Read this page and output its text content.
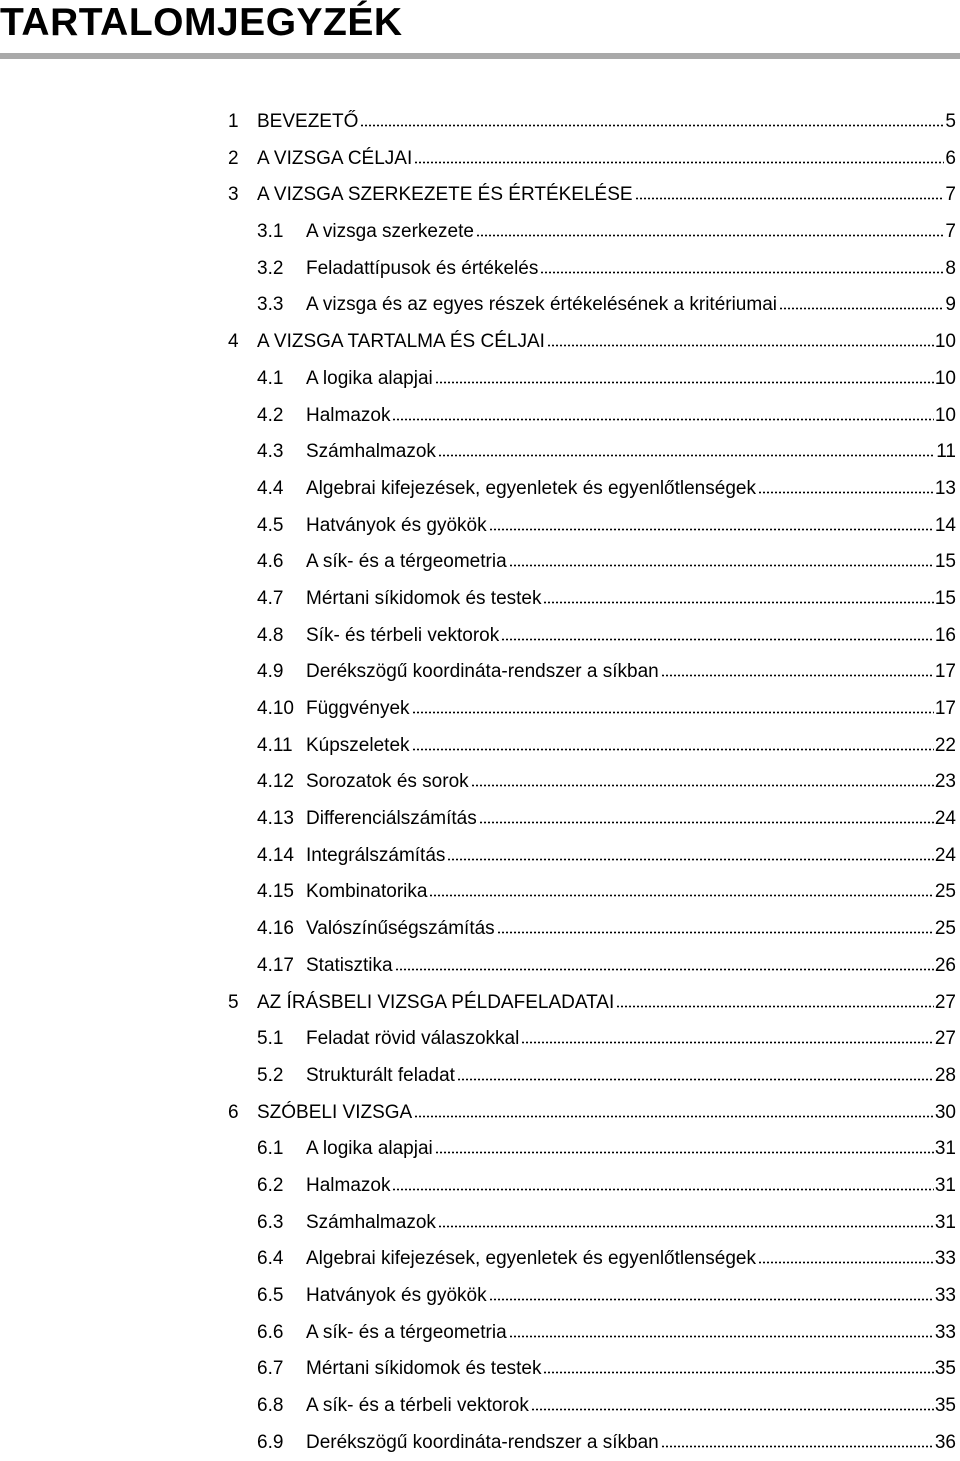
TARTALOMJEGYZÉK
1 BEVEZETŐ	5
2 A VIZSGA CÉLJAI	6
3 A VIZSGA SZERKEZETE ÉS ÉRTÉKELÉSE	7
3.1	A vizsga szerkezete	7
3.2	Feladattípusok és értékelés	8
3.3	A vizsga és az egyes részek értékelésének a kritériumai	9
4 A VIZSGA TARTALMA ÉS CÉLJAI	10
4.1	A logika alapjai	10
4.2	Halmazok	10
4.3	Számhalmazok	11
4.4	Algebrai kifejezések, egyenletek és egyenlőtlenségek	13
4.5	Hatványok és gyökök	14
4.6	A sík- és a térgeometria	15
4.7	Mértani síkidomok és testek	15
4.8	Sík- és térbeli vektorok	16
4.9	Derékszögű koordináta-rendszer a síkban	17
4.10 Függvények	17
4.11 Kúpszeletek	22
4.12 Sorozatok és sorok	23
4.13 Differenciálszámítás	24
4.14 Integrálszámítás	24
4.15 Kombinatorika	25
4.16 Valószínűségszámítás	25
4.17 Statisztika	26
5 AZ ÍRÁSBELI VIZSGA PÉLDAFELADATAI	27
5.1	Feladat rövid válaszokkal	27
5.2	Strukturált feladat	28
6 SZÓBELI VIZSGA	30
6.1	A logika alapjai	31
6.2	Halmazok	31
6.3	Számhalmazok	31
6.4	Algebrai kifejezések, egyenletek és egyenlőtlenségek	33
6.5	Hatványok és gyökök	33
6.6	A sík- és a térgeometria	33
6.7	Mértani síkidomok és testek	35
6.8	A sík- és a térbeli vektorok	35
6.9	Derékszögű koordináta-rendszer a síkban	36
